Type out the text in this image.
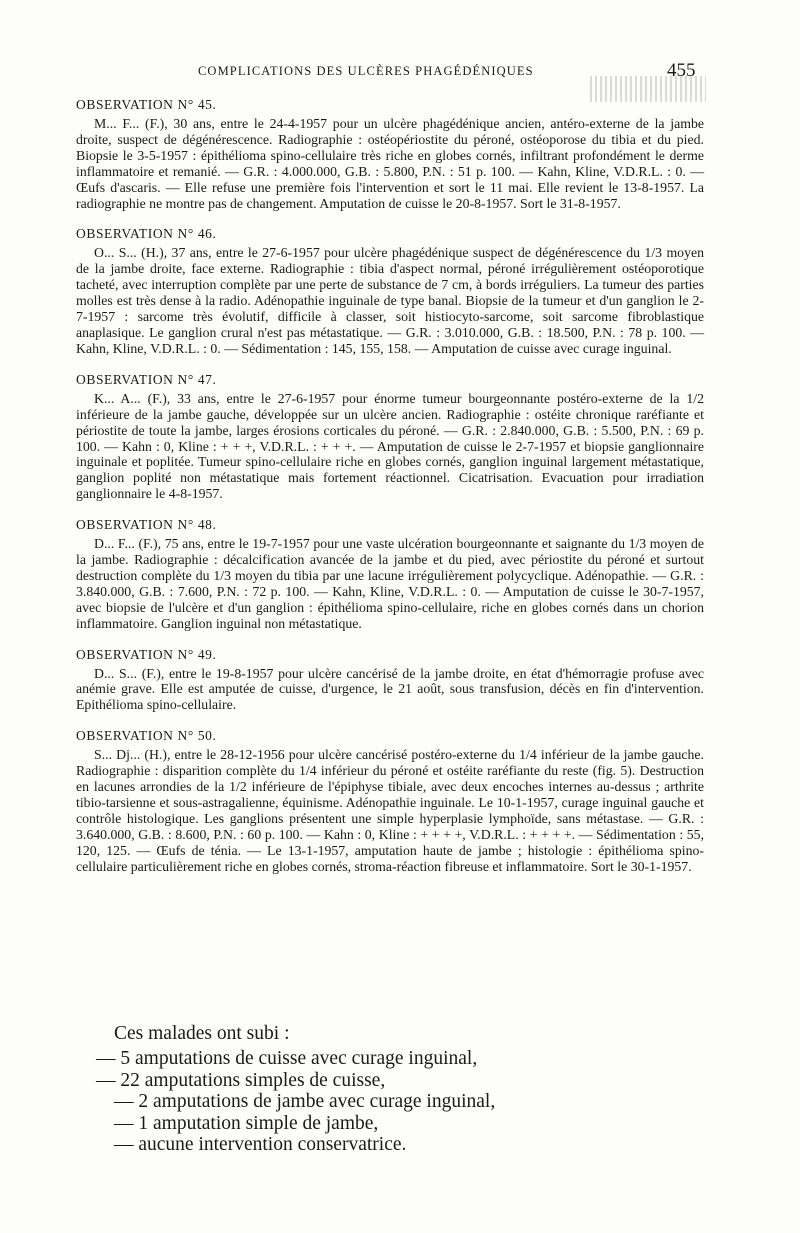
COMPLICATIONS DES ULCÈRES PHAGÉDÉNIQUES	455

OBSERVATION N° 45.

M... F... (F.), 30 ans, entre le 24-4-1957 pour un ulcère phagédénique ancien, antéro-externe de la jambe droite, suspect de dégénérescence. Radiographie : ostéopériostite du péroné, ostéoporose du tibia et du pied. Biopsie le 3-5-1957 : épithélioma spino-cellulaire très riche en globes cornés, infiltrant profondément le derme inflammatoire et remanié. — G.R. : 4.000.000, G.B. : 5.800, P.N. : 51 p. 100. — Kahn, Kline, V.D.R.L. : 0. — Œufs d'ascaris. — Elle refuse une première fois l'intervention et sort le 11 mai. Elle revient le 13-8-1957. La radiographie ne montre pas de changement. Amputation de cuisse le 20-8-1957. Sort le 31-8-1957.

OBSERVATION N° 46.

O... S... (H.), 37 ans, entre le 27-6-1957 pour ulcère phagédénique suspect de dégénérescence du 1/3 moyen de la jambe droite, face externe. Radiographie : tibia d'aspect normal, péroné irrégulièrement ostéoporotique tacheté, avec interruption complète par une perte de substance de 7 cm, à bords irréguliers. La tumeur des parties molles est très dense à la radio. Adénopathie inguinale de type banal. Biopsie de la tumeur et d'un ganglion le 2-7-1957 : sarcome très évolutif, difficile à classer, soit histiocyto-sarcome, soit sarcome fibroblastique anaplasique. Le ganglion crural n'est pas métastatique. — G.R. : 3.010.000, G.B. : 18.500, P.N. : 78 p. 100. — Kahn, Kline, V.D.R.L. : 0. — Sédimentation : 145, 155, 158. — Amputation de cuisse avec curage inguinal.

OBSERVATION N° 47.

K... A... (F.), 33 ans, entre le 27-6-1957 pour énorme tumeur bourgeonnante postéro-externe de la 1/2 inférieure de la jambe gauche, développée sur un ulcère ancien. Radiographie : ostéite chronique raréfiante et périostite de toute la jambe, larges érosions corticales du péroné. — G.R. : 2.840.000, G.B. : 5.500, P.N. : 69 p. 100. — Kahn : 0, Kline : + + +, V.D.R.L. : + + +. — Amputation de cuisse le 2-7-1957 et biopsie ganglionnaire inguinale et poplitée. Tumeur spino-cellulaire riche en globes cornés, ganglion inguinal largement métastatique, ganglion poplité non métastatique mais fortement réactionnel. Cicatrisation. Evacuation pour irradiation ganglionnaire le 4-8-1957.

OBSERVATION N° 48.

D... F... (F.), 75 ans, entre le 19-7-1957 pour une vaste ulcération bourgeonnante et saignante du 1/3 moyen de la jambe. Radiographie : décalcification avancée de la jambe et du pied, avec périostite du péroné et surtout destruction complète du 1/3 moyen du tibia par une lacune irrégulièrement polycyclique. Adénopathie. — G.R. : 3.840.000, G.B. : 7.600, P.N. : 72 p. 100. — Kahn, Kline, V.D.R.L. : 0. — Amputation de cuisse le 30-7-1957, avec biopsie de l'ulcère et d'un ganglion : épithélioma spino-cellulaire, riche en globes cornés dans un chorion inflammatoire. Ganglion inguinal non métastatique.

OBSERVATION N° 49.

D... S... (F.), entre le 19-8-1957 pour ulcère cancérisé de la jambe droite, en état d'hémorragie profuse avec anémie grave. Elle est amputée de cuisse, d'urgence, le 21 août, sous transfusion, décès en fin d'intervention. Epithélioma spino-cellulaire.

OBSERVATION N° 50.

S... Dj... (H.), entre le 28-12-1956 pour ulcère cancérisé postéro-externe du 1/4 inférieur de la jambe gauche. Radiographie : disparition complète du 1/4 inférieur du péroné et ostéite raréfiante du reste (fig. 5). Destruction en lacunes arrondies de la 1/2 inférieure de l'épiphyse tibiale, avec deux encoches internes au-dessus ; arthrite tibio-tarsienne et sous-astragalienne, équinisme. Adénopathie inguinale. Le 10-1-1957, curage inguinal gauche et contrôle histologique. Les ganglions présentent une simple hyperplasie lymphoïde, sans métastase. — G.R. : 3.640.000, G.B. : 8.600, P.N. : 60 p. 100. — Kahn : 0, Kline : + + + +, V.D.R.L. : + + + +. — Sédimentation : 55, 120, 125. — Œufs de ténia. — Le 13-1-1957, amputation haute de jambe ; histologie : épithélioma spino-cellulaire particulièrement riche en globes cornés, stroma-réaction fibreuse et inflammatoire. Sort le 30-1-1957.

Ces malades ont subi :

— 5 amputations de cuisse avec curage inguinal,
— 22 amputations simples de cuisse,
— 2 amputations de jambe avec curage inguinal,
— 1 amputation simple de jambe,
— aucune intervention conservatrice.
